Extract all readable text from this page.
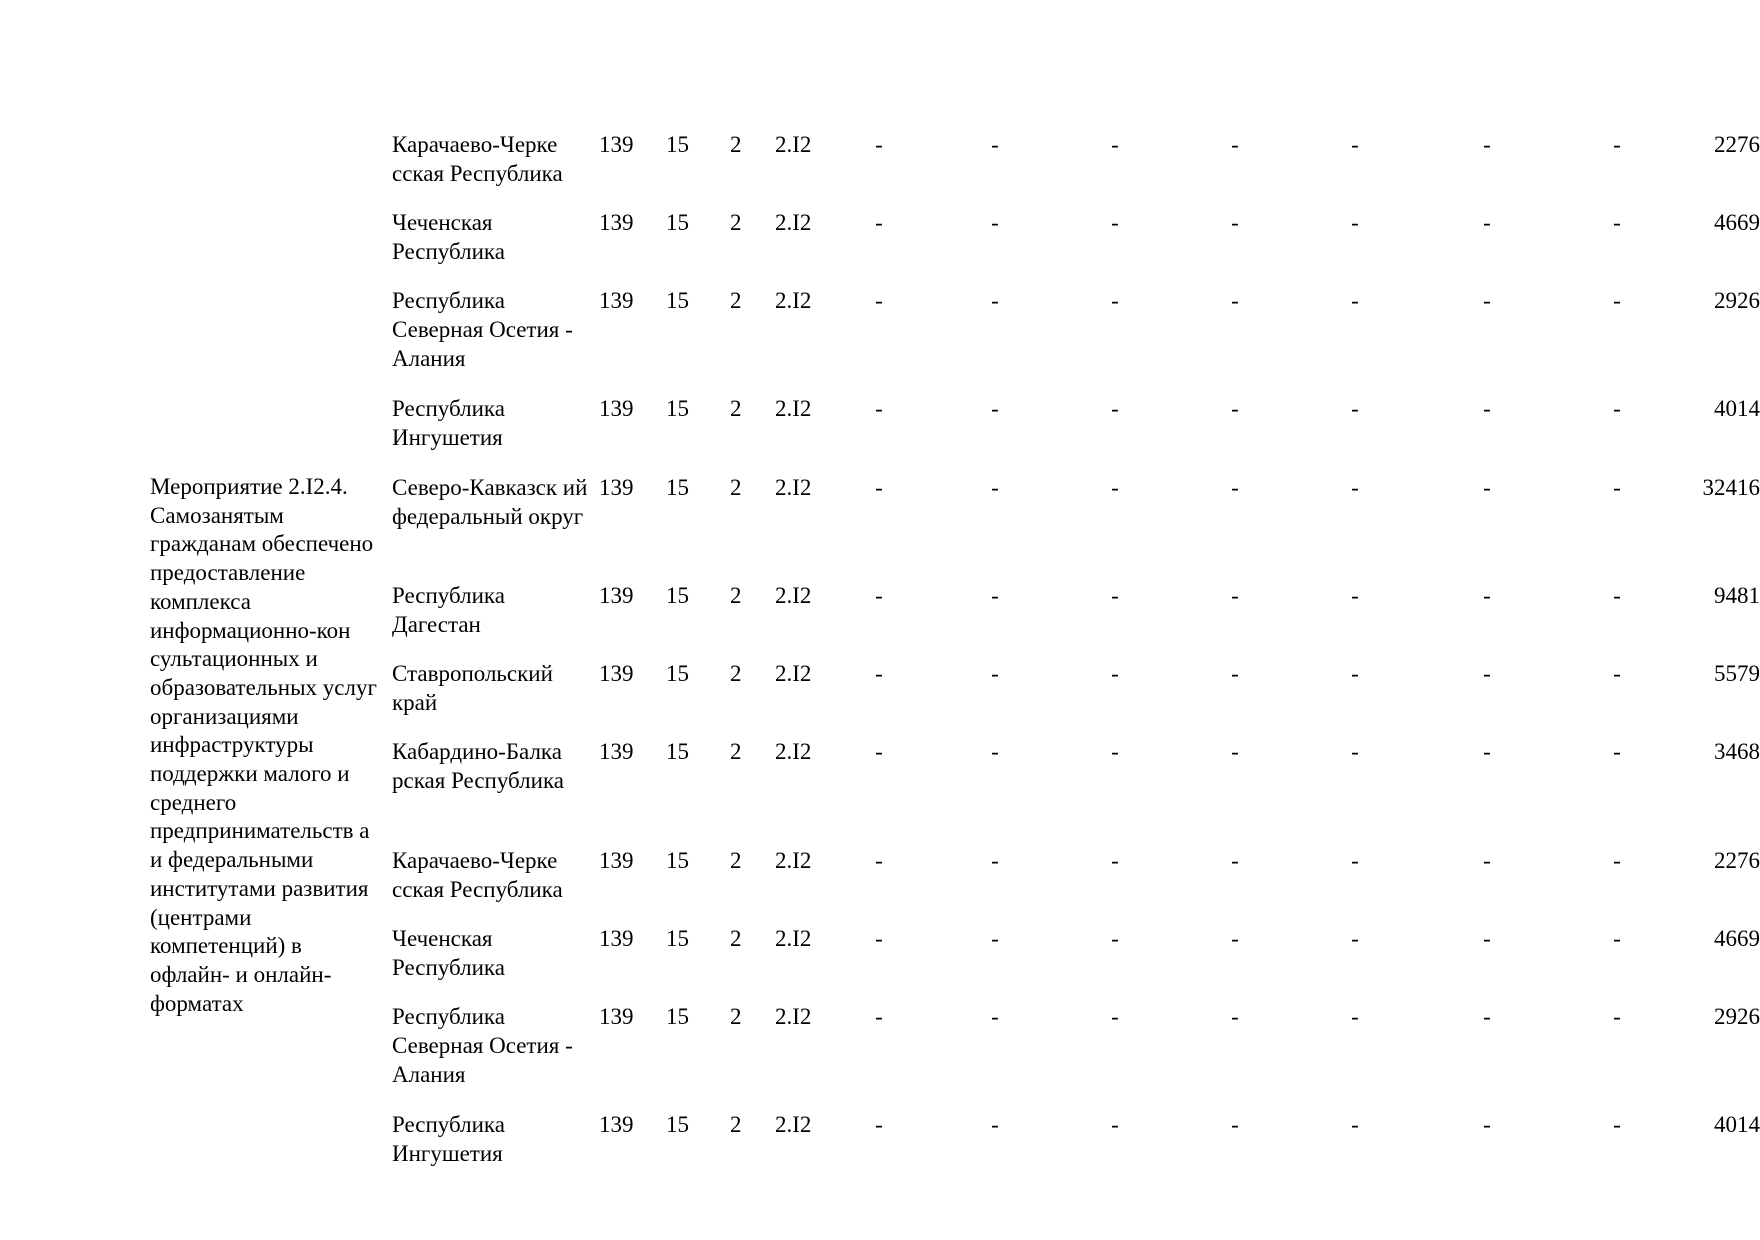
Мероприятие 2.I2.4. Самозанятым гражданам обеспечено предоставление комплекса информационно-кон сультационных и образовательных услуг организациями инфраструктуры поддержки малого и среднего предпринимательств а и федеральными институтами развития (центрами компетенций) в офлайн- и онлайн-форматах
Карачаево-Черке сская Республика
139 15 2 2.I2	-	-	-	-	-	-	-	2276
Чеченская Республика
139 15 2 2.I2	-	-	-	-	-	-	-	4669
Республика Северная Осетия - Алания
139 15 2 2.I2	-	-	-	-	-	-	-	2926
Республика Ингушетия
139 15 2 2.I2	-	-	-	-	-	-	-	4014
Северо-Кавказск ий федеральный округ
139 15 2 2.I2	-	-	-	-	-	-	-	32416
Республика Дагестан
139 15 2 2.I2	-	-	-	-	-	-	-	9481
Ставропольский край
139 15 2 2.I2	-	-	-	-	-	-	-	5579
Кабардино-Балка рская Республика
139 15 2 2.I2	-	-	-	-	-	-	-	3468
Карачаево-Черке сская Республика
139 15 2 2.I2	-	-	-	-	-	-	-	2276
Чеченская Республика
139 15 2 2.I2	-	-	-	-	-	-	-	4669
Республика Северная Осетия - Алания
139 15 2 2.I2	-	-	-	-	-	-	-	2926
Республика Ингушетия
139 15 2 2.I2	-	-	-	-	-	-	-	4014
